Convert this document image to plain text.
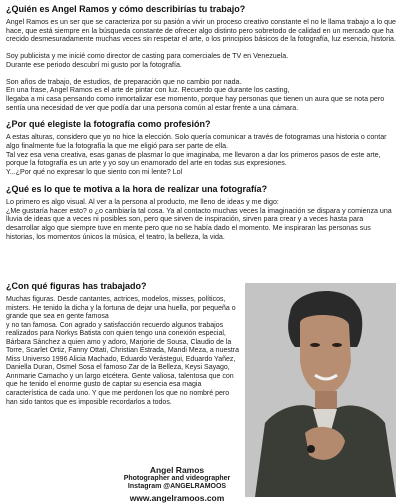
¿Quién es Angel Ramos y cómo describirías tu trabajo?

Angel Ramos es un ser que se caracteriza por su pasión a vivir un proceso creativo constante el no le llama trabajo a lo que hace, que está siempre en la búsqueda constante de ofrecer algo distinto pero sobretodo de calidad en un mercado que ha crecido desmesuradamente muchas veces sin respetar el arte, o los principios básicos de la fotografía, luz esencia, historia.

Soy publicista y me inicié como director de casting para comerciales de TV en Venezuela.
Durante ese periodo descubrí mi gusto por la fotografía.

Son años de trabajo, de estudios, de preparación que no cambio por nada.
En una frase, Angel Ramos es el arte de pintar con luz. Recuerdo que durante los casting,
llegaba a mi casa pensando como inmortalizar ese momento, porque hay personas que tienen un aura que se nota pero sentía una necesidad de ver que podía dar una persona común al estar frente a una cámara.

¿Por qué elegiste la fotografía como profesión?

A estas alturas, considero que yo no hice la elección. Solo quería comunicar a través de fotogramas una historia o contar algo finalmente fue la fotografía la que me eligió para ser parte de ella.
Tal vez esa vena creativa, esas ganas de plasmar lo que imaginaba, me llevaron a dar los primeros pasos de este arte, porque la fotografía es un arte y yo soy un enamorado del arte en todas sus expresiones.
Y...¿Por qué no expresar lo que siento con mi lente? Lol

¿Qué es lo que te motiva a la hora de realizar una fotografía?

Lo primero es algo visual. Al ver a la persona al producto, me lleno de ideas y me digo:
¿Me gustaría hacer esto? o ¿o cambiaría tal cosa. Ya al contacto muchas veces la imaginación se dispara y comienza una lluvia de ideas que a veces ni posibles son, pero que sirven de inspiración, sirven para crear y a veces hasta para desarrollar algo que siempre tuve en mente pero que no se había dado el momento. Me inspiraran las personas sus historias, los momentos únicos la música, el teatro, la belleza, la vida.

¿Con qué figuras has trabajado?

Muchas figuras. Desde cantantes, actrices, modelos, misses, políticos, misters. He tenido la dicha y la fortuna de dejar una huella, por pequeña o grande que sea en gente famosa
y no tan famosa. Con agrado y satisfacción recuerdo algunos trabajos realizados para Norkys Batista con quien tengo una conexión especial, Bárbara Sánchez a quien amo y adoro, Marjorie de Sousa, Claudio de la Torre, Scarlet Ortiz, Fanny Ottati, Christian Estrada, Mandi Meza, a nuestra Miss Universo 1996 Alicia Machado, Eduardo Verástegui, Eduardo Yañez, Daniella Duran, Osmel Sosa el famoso Zar de la Belleza, Keysi Sayago, Annmarie Camacho y un largo etcétera. Gente valiosa, talentosa que con que he tenido el enorme gusto de captar su esencia esa magia característica de cada uno. Y que me perdonen los que no nombré pero han sido tantos que es imposible recordarlos a todos.

Angel Ramos
Photographer and videographer
Instagram @ANGELRAMOOS
www.angelramoos.com
